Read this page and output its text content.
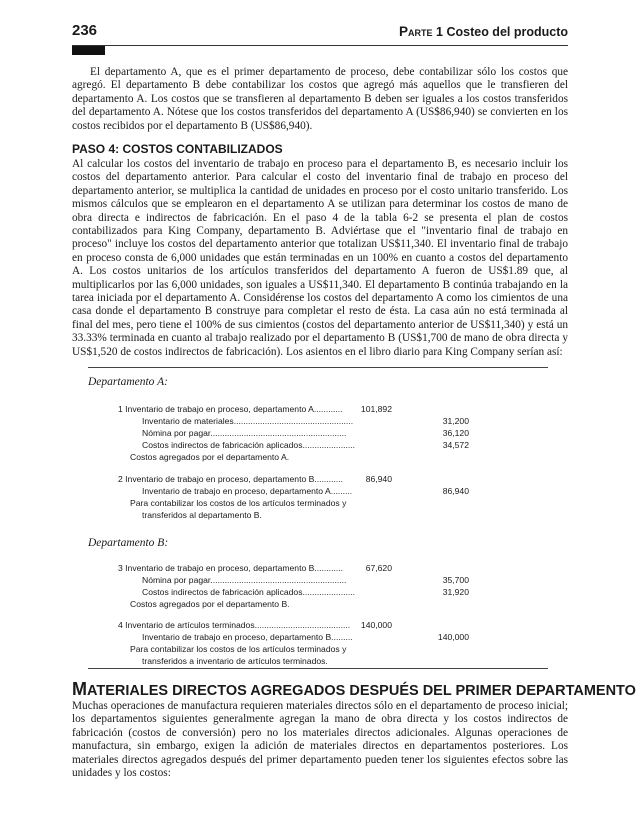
236	Parte 1 Costeo del producto

El departamento A, que es el primer departamento de proceso, debe contabilizar sólo los costos que agregó. El departamento B debe contabilizar los costos que agregó más aquellos que le transfieren del departamento A. Los costos que se transfieren al departamento B deben ser iguales a los costos transferidos del departamento A. Nótese que los costos transferidos del departamento A (US$86,940) se convierten en los costos recibidos por el departamento B (US$86,940).

PASO 4: COSTOS CONTABILIZADOS

Al calcular los costos del inventario de trabajo en proceso para el departamento B, es necesario incluir los costos del departamento anterior. Para calcular el costo del inventario final de trabajo en proceso del departamento anterior, se multiplica la cantidad de unidades en proceso por el costo unitario transferido. Los mismos cálculos que se emplearon en el departamento A se utilizan para determinar los costos de mano de obra directa e indirectos de fabricación. En el paso 4 de la tabla 6-2 se presenta el plan de costos contabilizados para King Company, departamento B. Adviértase que el "inventario final de trabajo en proceso" incluye los costos del departamento anterior que totalizan US$11,340. El inventario final de trabajo en proceso consta de 6,000 unidades que están terminadas en un 100% en cuanto a costos del departamento A. Los costos unitarios de los artículos transferidos del departamento A fueron de US$1.89 que, al multiplicarlos por las 6,000 unidades, son iguales a US$11,340. El departamento B continúa trabajando en la tarea iniciada por el departamento A. Considérense los costos del departamento A como los cimientos de una casa donde el departamento B construye para completar el resto de ésta. La casa aún no está terminada al final del mes, pero tiene el 100% de sus cimientos (costos del departamento anterior de US$11,340) y está un 33.33% terminada en cuanto al trabajo realizado por el departamento B (US$1,700 de mano de obra directa y US$1,520 de costos indirectos de fabricación). Los asientos en el libro diario para King Company serían así:

Departamento A:
1 Inventario de trabajo en proceso, departamento A............	101,892
Inventario de materiales..................................................	31,200
Nómina por pagar.........................................................	36,120
Costos indirectos de fabricación aplicados......................	34,572
Costos agregados por el departamento A.
2 Inventario de trabajo en proceso, departamento B............	86,940
Inventario de trabajo en proceso, departamento A.........	86,940
Para contabilizar los costos de los artículos terminados y
transferidos al departamento B.
Departamento B:
3 Inventario de trabajo en proceso, departamento B............	67,620
Nómina por pagar.........................................................	35,700
Costos indirectos de fabricación aplicados......................	31,920
Costos agregados por el departamento B.
4 Inventario de artículos terminados........................................	140,000
Inventario de trabajo en proceso, departamento B.........	140,000
Para contabilizar los costos de los artículos terminados y
transferidos a inventario de artículos terminados.
MATERIALES DIRECTOS AGREGADOS DESPUÉS DEL PRIMER DEPARTAMENTO

Muchas operaciones de manufactura requieren materiales directos sólo en el departamento de proceso inicial; los departamentos siguientes generalmente agregan la mano de obra directa y los costos indirectos de fabricación (costos de conversión) pero no los materiales directos adicionales. Algunas operaciones de manufactura, sin embargo, exigen la adición de materiales directos en departamentos posteriores. Los materiales directos agregados después del primer departamento pueden tener los siguientes efectos sobre las unidades y los costos:
